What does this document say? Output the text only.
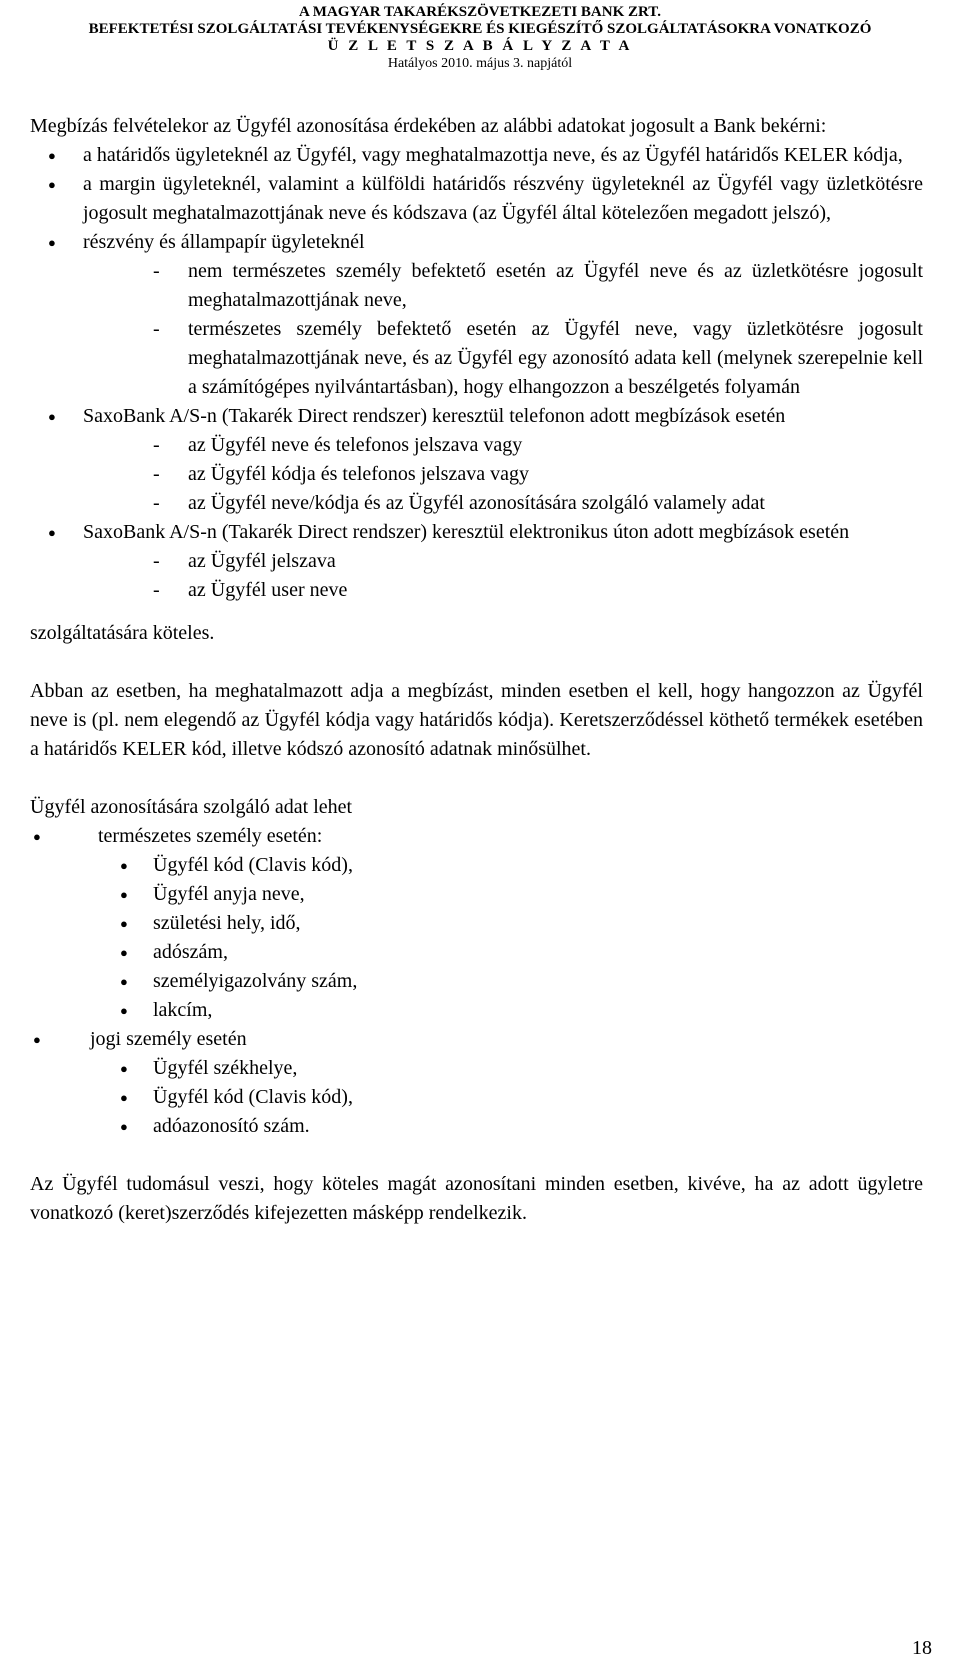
A MAGYAR TAKARÉKSZÖVETKEZETI BANK ZRT.
BEFEKTETÉSI SZOLGÁLTATÁSI TEVÉKENYSÉGEKRE ÉS KIEGÉSZÍTŐ SZOLGÁLTATÁSOKRA VONATKOZÓ
Ü Z L E T S Z A B Á L Y Z A T A
Hatályos 2010. május 3. napjától

Megbízás felvételekor az Ügyfél azonosítása érdekében az alábbi adatokat jogosult a Bank bekérni:

● a határidős ügyleteknél az Ügyfél, vagy meghatalmazottja neve, és az Ügyfél határidős KELER kódja,
● a margin ügyleteknél, valamint a külföldi határidős részvény ügyleteknél az Ügyfél vagy üzletkötésre jogosult meghatalmazottjának neve és kódszava (az Ügyfél által kötelezően megadott jelszó),
● részvény és állampapír ügyleteknél
- nem természetes személy befektető esetén az Ügyfél neve és az üzletkötésre jogosult meghatalmazottjának neve,
- természetes személy befektető esetén az Ügyfél neve, vagy üzletkötésre jogosult meghatalmazottjának neve, és az Ügyfél egy azonosító adata kell (melynek szerepelnie kell a számítógépes nyilvántartásban), hogy elhangozzon a beszélgetés folyamán
● SaxoBank A/S-n (Takarék Direct rendszer) keresztül telefonon adott megbízások esetén
- az Ügyfél neve és telefonos jelszava vagy
- az Ügyfél kódja és telefonos jelszava vagy
- az Ügyfél neve/kódja és az Ügyfél azonosítására szolgáló valamely adat
● SaxoBank A/S-n (Takarék Direct rendszer) keresztül elektronikus úton adott megbízások esetén
- az Ügyfél jelszava
- az Ügyfél user neve

szolgáltatására köteles.

Abban az esetben, ha meghatalmazott adja a megbízást, minden esetben el kell, hogy hangozzon az Ügyfél neve is (pl. nem elegendő az Ügyfél kódja vagy határidős kódja). Keretszerződéssel köthető termékek esetében a határidős KELER kód, illetve kódszó azonosító adatnak minősülhet.

Ügyfél azonosítására szolgáló adat lehet

● természetes személy esetén:
● Ügyfél kód (Clavis kód),
● Ügyfél anyja neve,
● születési hely, idő,
● adószám,
● személyigazolvány szám,
● lakcím,
● jogi személy esetén
● Ügyfél székhelye,
● Ügyfél kód (Clavis kód),
● adóazonosító szám.

Az Ügyfél tudomásul veszi, hogy köteles magát azonosítani minden esetben, kivéve, ha az adott ügyletre vonatkozó (keret)szerződés kifejezetten másképp rendelkezik.

18
